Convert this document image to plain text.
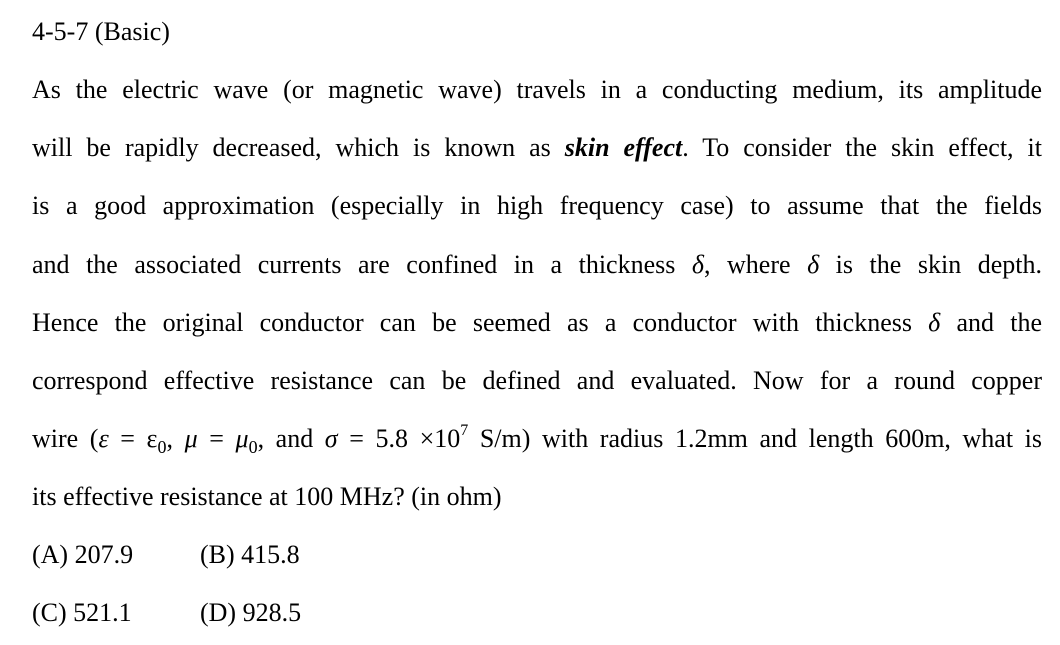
4-5-7 (Basic)
As the electric wave (or magnetic wave) travels in a conducting medium, its amplitude
will be rapidly decreased, which is known as skin effect. To consider the skin effect, it
is a good approximation (especially in high frequency case) to assume that the fields
and the associated currents are confined in a thickness δ, where δ is the skin depth.
Hence the original conductor can be seemed as a conductor with thickness δ and the
correspond effective resistance can be defined and evaluated. Now for a round copper
wire ($\varepsilon = \varepsilon_0$, $\mu = \mu_0$, and $\sigma = 5.8 \times 10^7$ S/m) with radius 1.2mm and length 600m, what is
its effective resistance at 100 MHz? (in ohm)
(A) 207.9	(B) 415.8
(C) 521.1	(D) 928.5
